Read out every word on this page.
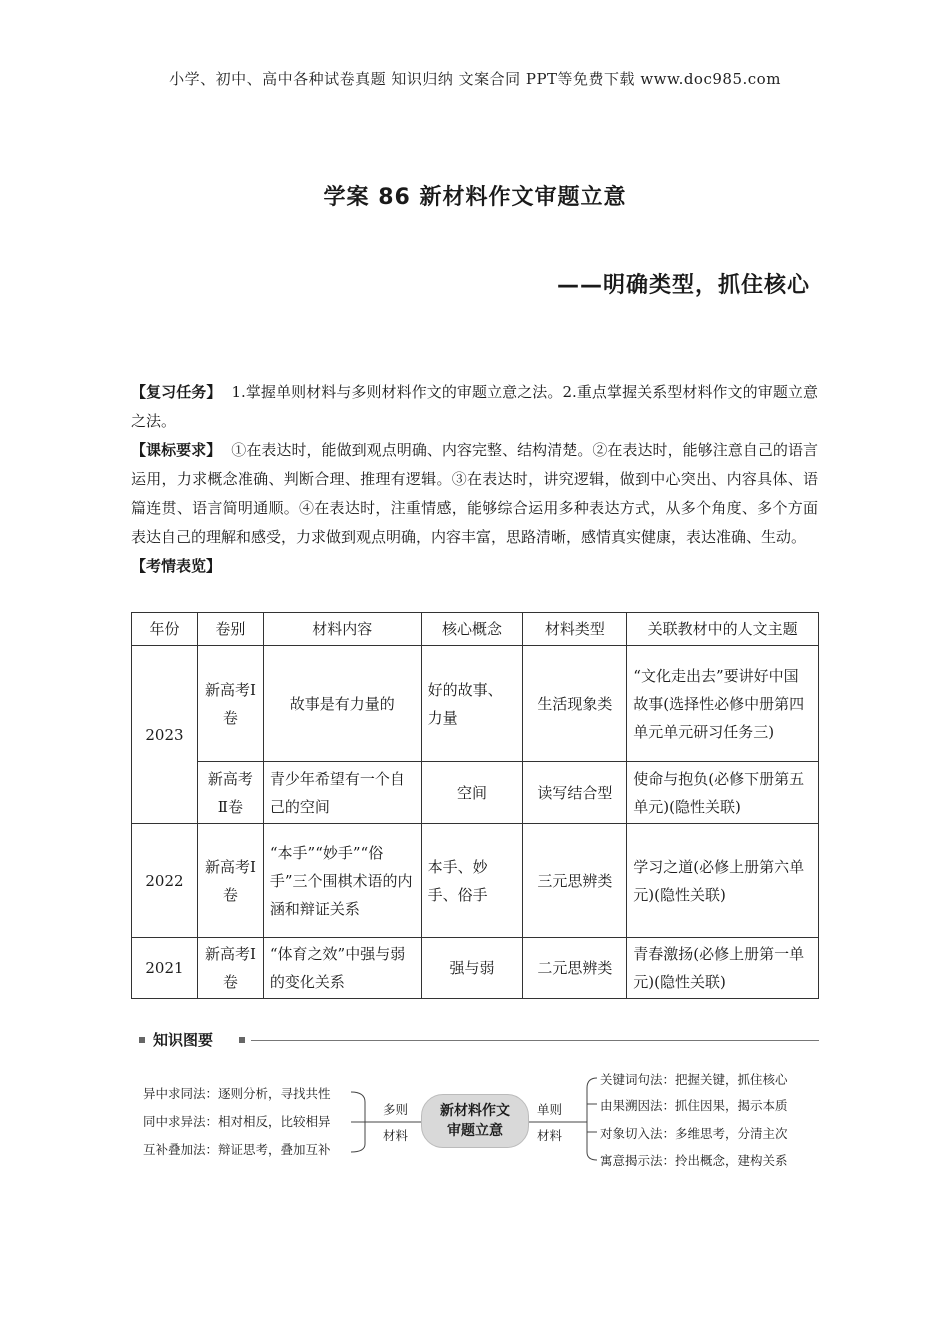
小学、初中、高中各种试卷真题 知识归纳 文案合同 PPT等免费下载 www.doc985.com
学案 86 新材料作文审题立意
——明确类型，抓住核心

【复习任务】 1.掌握单则材料与多则材料作文的审题立意之法。2.重点掌握关系型材料作文的审题立意之法。

【课标要求】 ①在表达时，能做到观点明确、内容完整、结构清楚。②在表达时，能够注意自己的语言运用，力求概念准确、判断合理、推理有逻辑。③在表达时，讲究逻辑，做到中心突出、内容具体、语篇连贯、语言简明通顺。④在表达时，注重情感，能够综合运用多种表达方式，从多个角度、多个方面表达自己的理解和感受，力求做到观点明确，内容丰富，思路清晰，感情真实健康，表达准确、生动。

【考情表览】

年份	卷别	材料内容	核心概念	材料类型	关联教材中的人文主题
2023	新高考Ⅰ卷	故事是有力量的	好的故事、力量	生活现象类	“文化走出去”要讲好中国故事(选择性必修中册第四单元单元研习任务三)
	新高考Ⅱ卷	青少年希望有一个自己的空间	空间	读写结合型	使命与抱负(必修下册第五单元)(隐性关联)
2022	新高考Ⅰ卷	“本手”“妙手”“俗手”三个围棋术语的内涵和辩证关系	本手、妙手、俗手	三元思辨类	学习之道(必修上册第六单元)(隐性关联)
2021	新高考Ⅰ卷	“体育之效”中强与弱的变化关系	强与弱	二元思辨类	青春激扬(必修上册第一单元)(隐性关联)
知识图要
异中求同法：逐则分析，寻找共性
同中求异法：相对相反，比较相异
互补叠加法：辩证思考，叠加互补
多则
材料
新材料作文
审题立意
单则
材料
关键词句法：把握关键，抓住核心
由果溯因法：抓住因果，揭示本质
对象切入法：多维思考，分清主次
寓意揭示法：拎出概念，建构关系
